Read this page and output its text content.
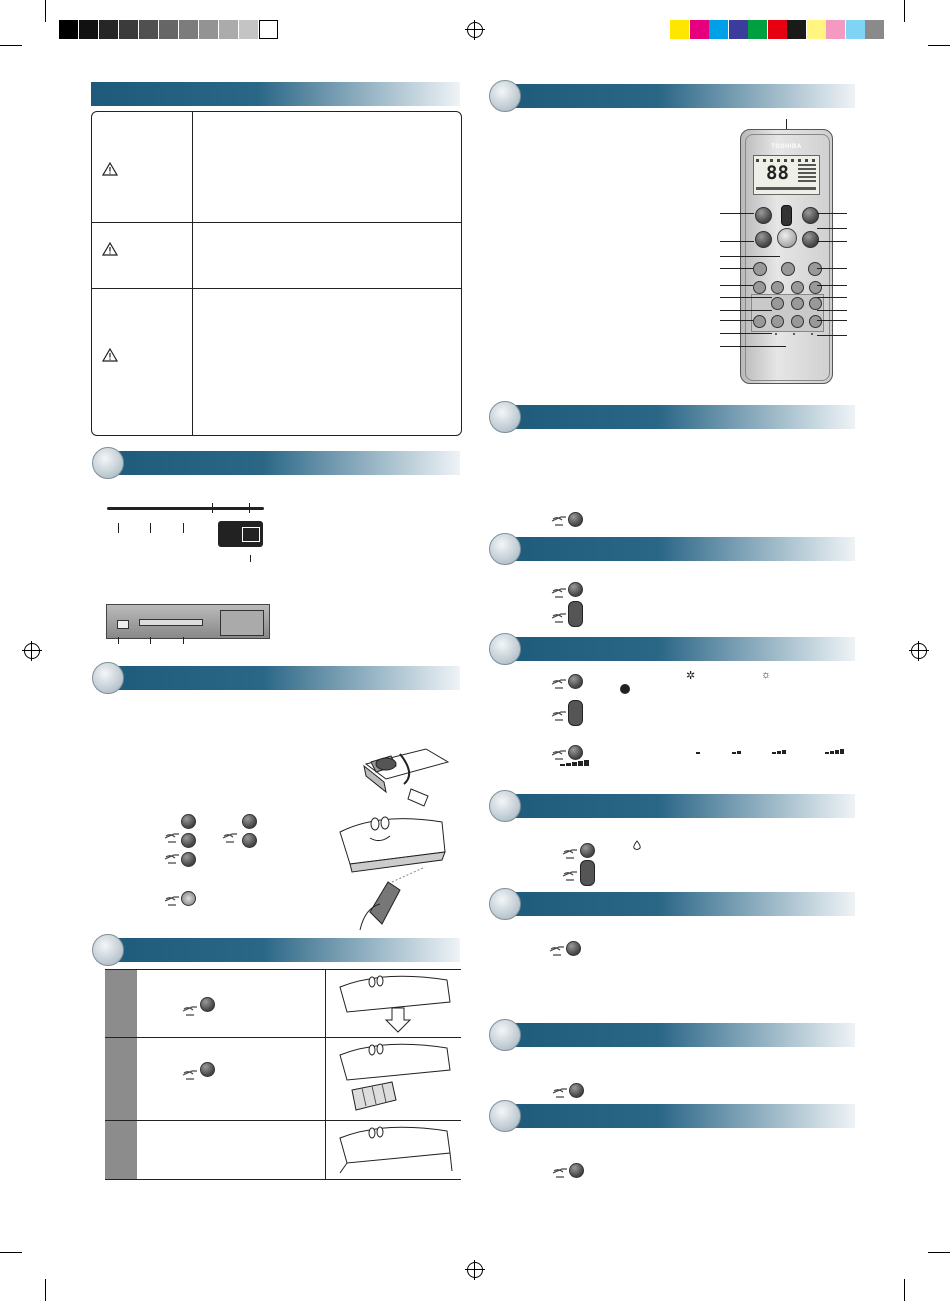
TOSHIBA
88
✲	☼
